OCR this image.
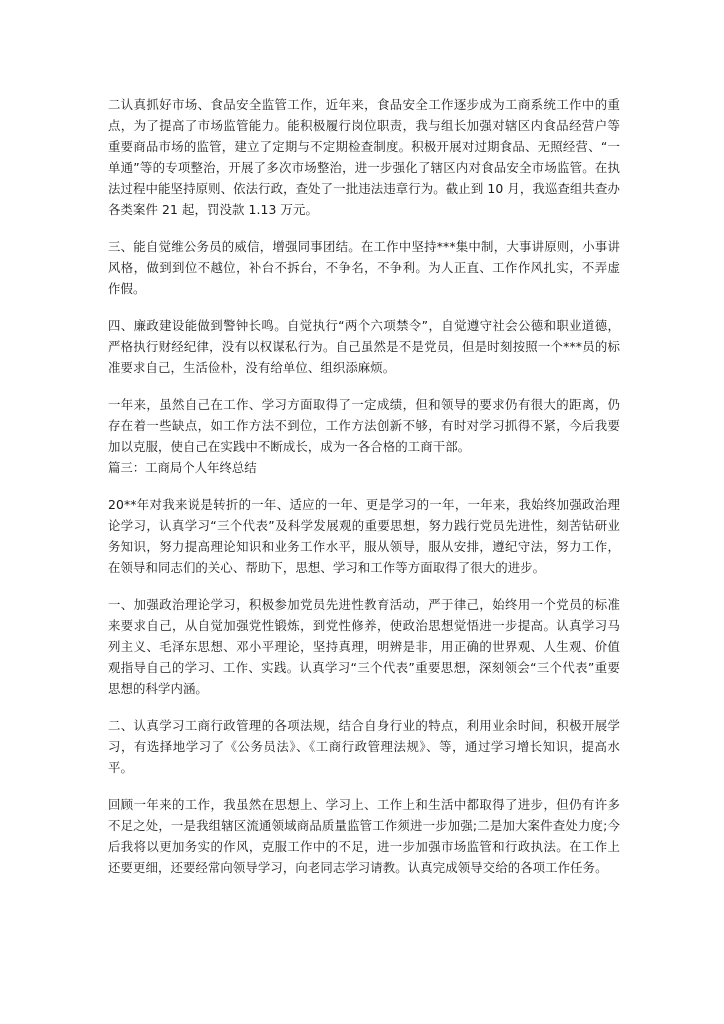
二认真抓好市场、食品安全监管工作，近年来，食品安全工作逐步成为工商系统工作中的重点，为了提高了市场监管能力。能积极履行岗位职责，我与组长加强对辖区内食品经营户等重要商品市场的监管，建立了定期与不定期检查制度。积极开展对过期食品、无照经营、“一单通”等的专项整治，开展了多次市场整治，进一步强化了辖区内对食品安全市场监管。在执法过程中能坚持原则、依法行政，查处了一批违法违章行为。截止到 10 月，我巡查组共查办各类案件 21 起，罚没款 1.13 万元。

三、能自觉维公务员的威信，增强同事团结。在工作中坚持***集中制，大事讲原则，小事讲风格，做到到位不越位，补台不拆台，不争名，不争利。为人正直、工作作风扎实，不弄虚作假。

四、廉政建设能做到警钟长鸣。自觉执行“两个六项禁令”，自觉遵守社会公德和职业道德，严格执行财经纪律，没有以权谋私行为。自己虽然是不是党员，但是时刻按照一个***员的标准要求自己，生活俭朴，没有给单位、组织添麻烦。

一年来，虽然自己在工作、学习方面取得了一定成绩，但和领导的要求仍有很大的距离，仍存在着一些缺点，如工作方法不到位，工作方法创新不够，有时对学习抓得不紧，今后我要加以克服，使自己在实践中不断成长，成为一各合格的工商干部。

篇三：工商局个人年终总结

20**年对我来说是转折的一年、适应的一年、更是学习的一年，一年来，我始终加强政治理论学习，认真学习“三个代表”及科学发展观的重要思想，努力践行党员先进性，刻苦钻研业务知识，努力提高理论知识和业务工作水平，服从领导，服从安排，遵纪守法，努力工作，在领导和同志们的关心、帮助下，思想、学习和工作等方面取得了很大的进步。

一、加强政治理论学习，积极参加党员先进性教育活动，严于律己，始终用一个党员的标准来要求自己，从自觉加强党性锻炼，到党性修养，使政治思想觉悟进一步提高。认真学习马列主义、毛泽东思想、邓小平理论，坚持真理，明辨是非，用正确的世界观、人生观、价值观指导自己的学习、工作、实践。认真学习“三个代表”重要思想，深刻领会“三个代表”重要思想的科学内涵。

二、认真学习工商行政管理的各项法规，结合自身行业的特点，利用业余时间，积极开展学习，有选择地学习了《公务员法》、《工商行政管理法规》、等，通过学习增长知识，提高水平。

回顾一年来的工作，我虽然在思想上、学习上、工作上和生活中都取得了进步，但仍有许多不足之处，一是我组辖区流通领域商品质量监管工作须进一步加强;二是加大案件查处力度;今后我将以更加务实的作风，克服工作中的不足，进一步加强市场监管和行政执法。在工作上还要更细，还要经常向领导学习，向老同志学习请教。认真完成领导交给的各项工作任务。
